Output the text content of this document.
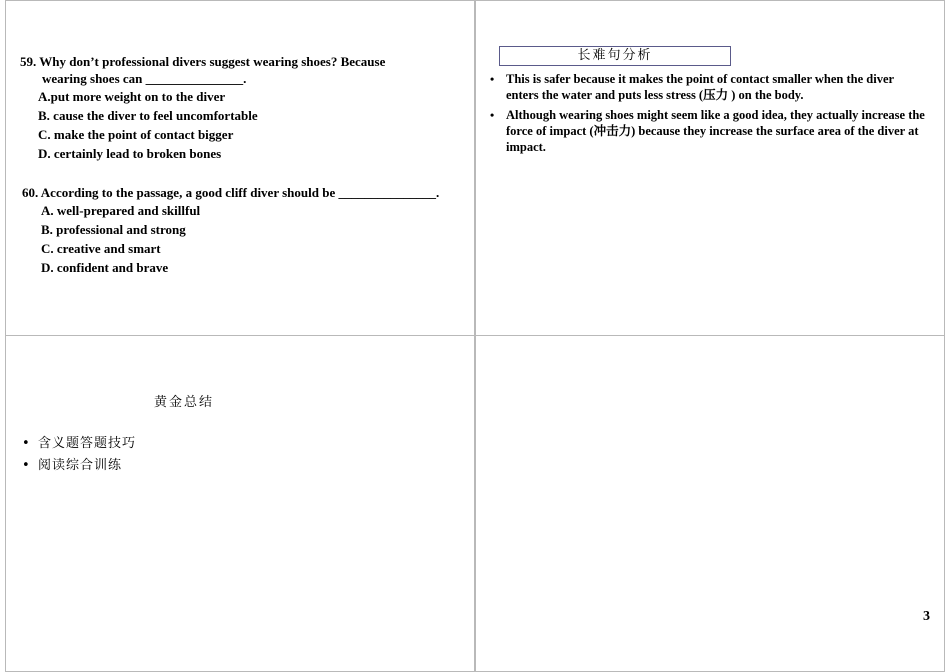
59. Why don’t professional divers suggest wearing shoes? Because
wearing shoes can _______________.
A.put more weight on to the diver
B. cause the diver to feel uncomfortable
C. make the point of contact bigger
D. certainly lead to broken bones
60. According to the passage, a good cliff diver should be _______________.
A. well-prepared and skillful
B. professional and strong
C. creative and smart
D. confident and brave
长难句分析
• This is safer because it makes the point of contact smaller when the diver enters the water and puts less stress (压力 ) on the body.
• Although wearing shoes might seem like a good idea, they actually increase the force of impact (冲击力) because they increase the surface area of the diver at impact.
黄金总结
• 含义题答题技巧
• 阅读综合训练
3
